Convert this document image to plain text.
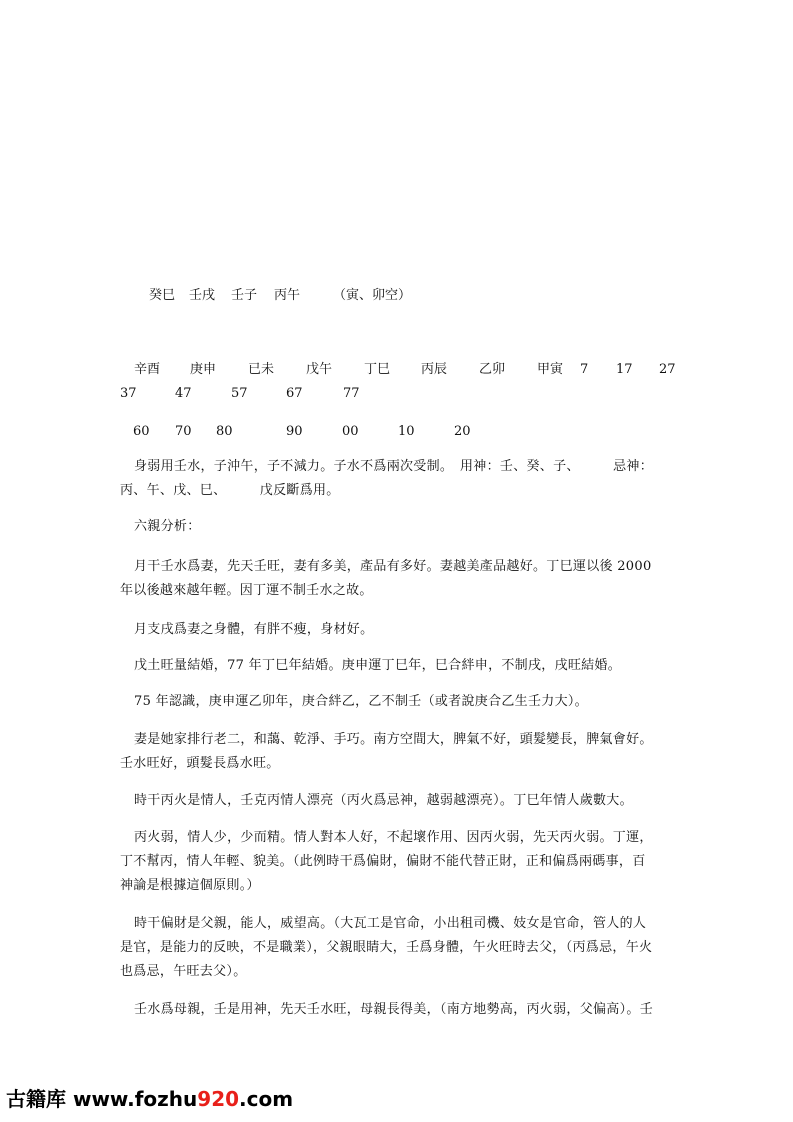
癸巳 壬戌 壬子 丙午	（寅、卯空）
辛酉 庚申 已未 戊午 丁巳 丙辰 乙卯 甲寅 7 17 27
37	47	57	67	77
60 70 80	90	00	10	20
身弱用壬水，子沖午，子不減力。子水不爲兩次受制。　用神：壬、癸、子、　　　忌神：
丙、午、戊、巳、　　　戊反斷爲用。
六親分析：
月干壬水爲妻，先天壬旺，妻有多美，產品有多好。妻越美產品越好。丁巳運以後 2000
年以後越來越年輕。因丁運不制壬水之故。
月支戌爲妻之身體，有胖不瘦，身材好。
戊土旺量結婚，77 年丁巳年結婚。庚申運丁巳年，巳合絆申，不制戌，戌旺結婚。
75 年認識，庚申運乙卯年，庚合絆乙，乙不制壬（或者說庚合乙生壬力大）。
妻是她家排行老二，和藹、乾淨、手巧。南方空間大，脾氣不好，頭髮變長，脾氣會好。
壬水旺好，頭髮長爲水旺。
時干丙火是情人，壬克丙情人漂亮（丙火爲忌神，越弱越漂亮）。丁巳年情人歲數大。
丙火弱，情人少，少而精。情人對本人好，不起壞作用、因丙火弱，先天丙火弱。丁運，
丁不幫丙，情人年輕、貌美。（此例時干爲偏財，偏財不能代替正財，正和偏爲兩碼事，百
神論是根據這個原則。）
時干偏財是父親，能人，威望高。（大瓦工是官命，小出租司機、妓女是官命，管人的人
是官，是能力的反映，不是職業），父親眼睛大，壬爲身體，午火旺時去父，（丙爲忌，午火
也爲忌，午旺去父）。
壬水爲母親，壬是用神，先天壬水旺，母親長得美，（南方地勢高，丙火弱，父偏高）。壬
古籍库 www.fozhu920.com
